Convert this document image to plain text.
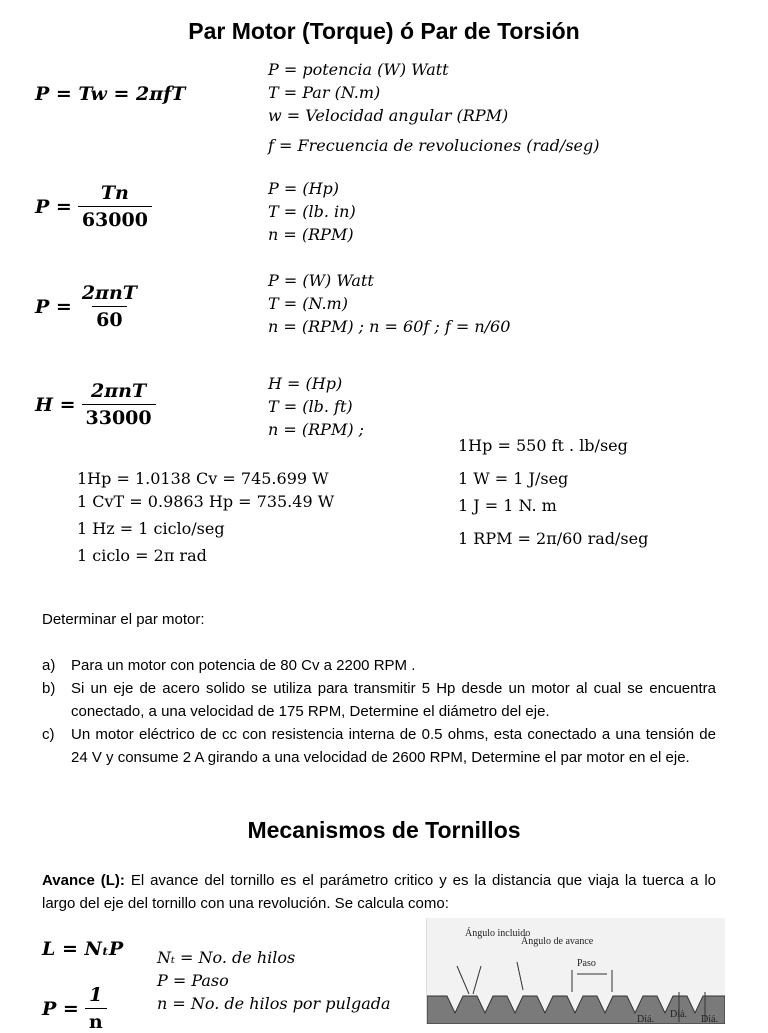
Par Motor (Torque) ó Par de Torsión
P = Tw = 2πfT
P = potencia (W) Watt
T = Par (N.m)
w = Velocidad angular (RPM)
f = Frecuencia de revoluciones (rad/seg)
$P = \frac{Tn}{63000}$	P = (Hp)
T = (lb. in)
n = (RPM)
$P = \frac{\text{2πnT}}{60}$
P = (W) Watt
T = (N.m)
n = (RPM) ; n = 60f ; f = n/60
$H = \frac{\text{2πnT}}{33000}$	H = (Hp)
T = (lb. ft)
n = (RPM) ;
1Hp = 1.0138 Cv = 745.699 W
1 CvT = 0.9863 Hp = 735.49 W
1 Hz = 1 ciclo/seg
1 ciclo = 2π rad
1Hp = 550 ft . lb/seg
1 W = 1 J/seg
1 J = 1 N. m
1 RPM = 2π/60 rad/seg
Determinar el par motor:
a) Para un motor con potencia de 80 Cv a 2200 RPM .
b) Si un eje de acero solido se utiliza para transmitir 5 Hp desde un motor al cual se encuentra conectado, a una velocidad de 175 RPM, Determine el diámetro del eje.
c) Un motor eléctrico de cc con resistencia interna de 0.5 ohms, esta conectado a una tensión de 24 V y consume 2 A girando a una velocidad de 2600 RPM, Determine el par motor en el eje.
Mecanismos de Tornillos
Avance (L): El avance del tornillo es el parámetro critico y es la distancia que viaja la tuerca a lo largo del eje del tornillo con una revolución. Se calcula como:
L = NₜP
$P = \frac{1}{n}$
Nₜ = No. de hilos
P = Paso
n = No. de hilos por pulgada
Ángulo incluido
Ángulo de avance
Paso
Diá. Diá. Diá.
